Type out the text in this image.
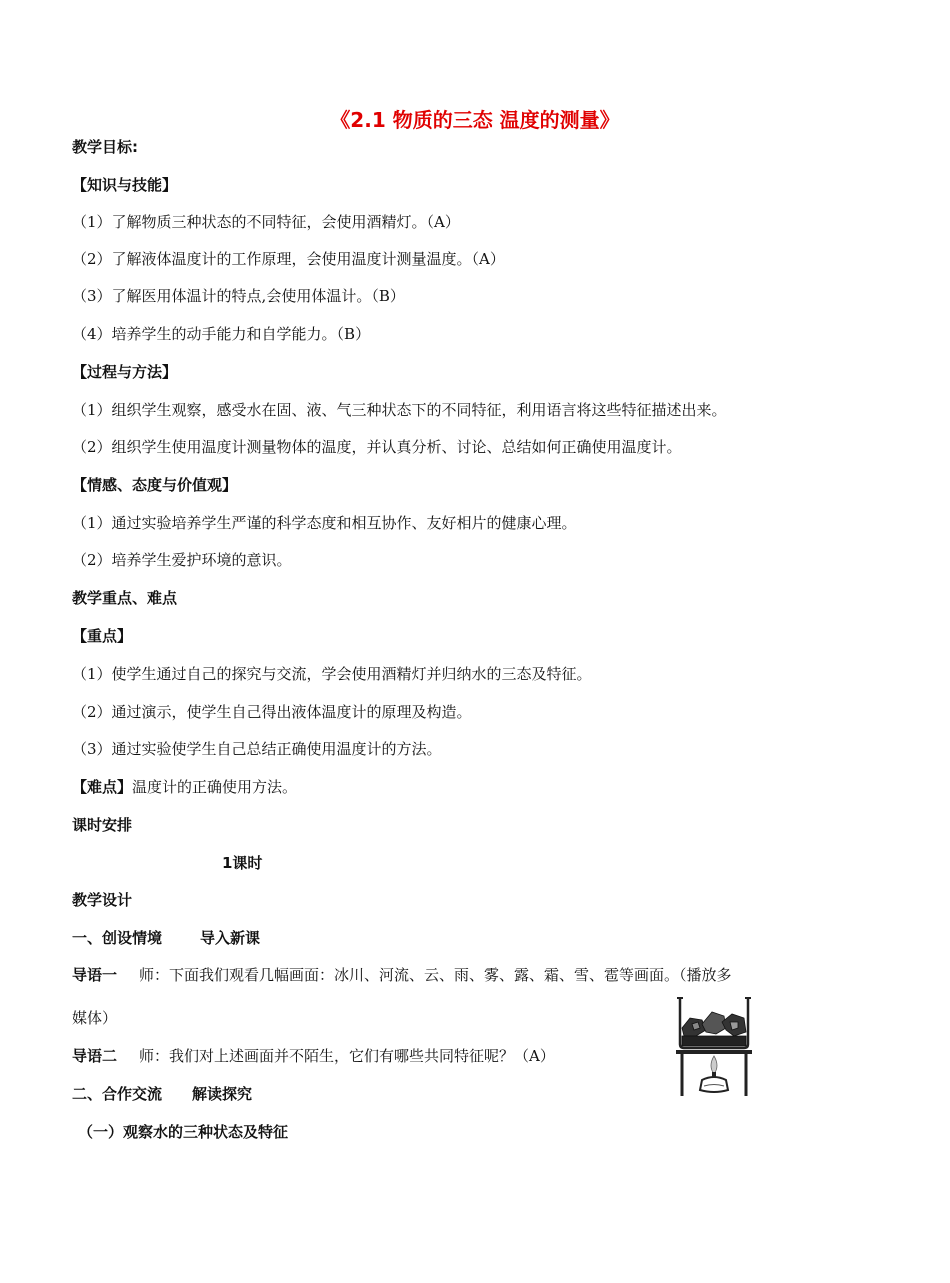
《2.1 物质的三态 温度的测量》
教学目标:
【知识与技能】
（1）了解物质三种状态的不同特征，会使用酒精灯。（A）
（2）了解液体温度计的工作原理，会使用温度计测量温度。（A）
（3）了解医用体温计的特点,会使用体温计。（B）
（4）培养学生的动手能力和自学能力。（B）
【过程与方法】
（1）组织学生观察，感受水在固、液、气三种状态下的不同特征，利用语言将这些特征描述出来。
（2）组织学生使用温度计测量物体的温度，并认真分析、讨论、总结如何正确使用温度计。
【情感、态度与价值观】
（1）通过实验培养学生严谨的科学态度和相互协作、友好相片的健康心理。
（2）培养学生爱护环境的意识。
教学重点、难点
【重点】
（1）使学生通过自己的探究与交流，学会使用酒精灯并归纳水的三态及特征。
（2）通过演示，使学生自己得出液体温度计的原理及构造。
（3）通过实验使学生自己总结正确使用温度计的方法。
【难点】温度计的正确使用方法。
课时安排
1课时
教学设计
一、创设情境	导入新课
导语一 师：下面我们观看几幅画面：冰川、河流、云、雨、雾、露、霜、雪、雹等画面。（播放多
媒体）
导语二 师：我们对上述画面并不陌生，它们有哪些共同特征呢？（A）
二、合作交流 解读探究
（一）观察水的三种状态及特征
